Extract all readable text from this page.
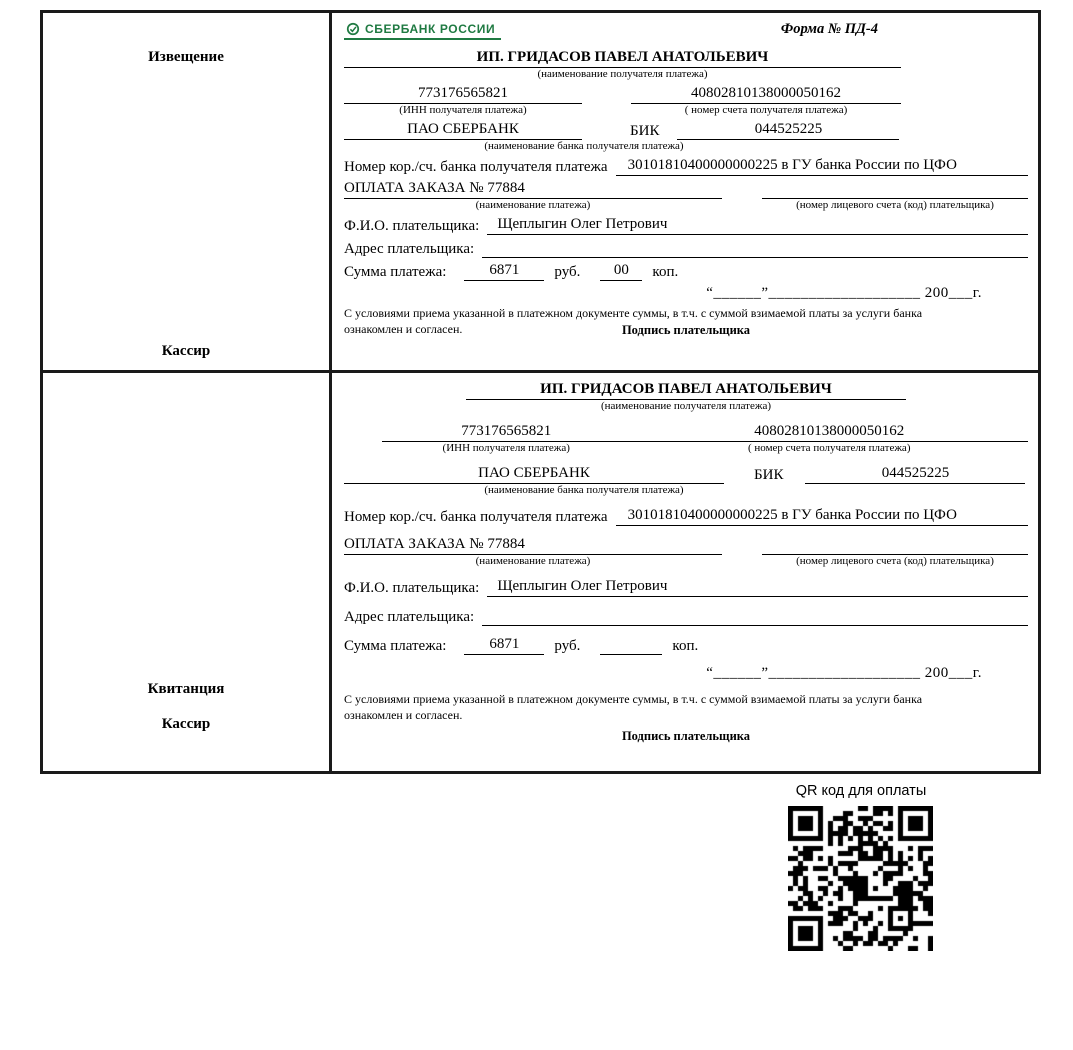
Извещение
Кассир
СБЕРБАНК РОССИИ	Форма № ПД-4
ИП. ГРИДАСОВ ПАВЕЛ АНАТОЛЬЕВИЧ
(наименование получателя платежа)
773176565821
(ИНН получателя платежа)
40802810138000050162
( номер счета получателя платежа)
ПАО СБЕРБАНК	БИК	044525225
(наименование банка получателя платежа)
Номер кор./сч. банка получателя платежа	30101810400000000225 в ГУ банка России по ЦФО
ОПЛАТА ЗАКАЗА № 77884
(наименование платежа)	(номер лицевого счета (код) плательщика)
Ф.И.О. плательщика:	Щеплыгин Олег Петрович
Адрес плательщика:
Сумма платежа:	6871	руб.	00	коп.
“______”___________________ 200___г.
С условиями приема указанной в платежном документе суммы, в т.ч. с суммой взимаемой платы за услуги банка
ознакомлен и согласен.	Подпись плательщика
Квитанция
Кассир
ИП. ГРИДАСОВ ПАВЕЛ АНАТОЛЬЕВИЧ
(наименование получателя платежа)
773176565821
(ИНН получателя платежа)
40802810138000050162
( номер счета получателя платежа)
ПАО СБЕРБАНК	БИК	044525225
(наименование банка получателя платежа)
Номер кор./сч. банка получателя платежа	30101810400000000225 в ГУ банка России по ЦФО
ОПЛАТА ЗАКАЗА № 77884
(наименование платежа)	(номер лицевого счета (код) плательщика)
Ф.И.О. плательщика:	Щеплыгин Олег Петрович
Адрес плательщика:
Сумма платежа:	6871	руб.	коп.
“______”___________________ 200___г.
С условиями приема указанной в платежном документе суммы, в т.ч. с суммой взимаемой платы за услуги банка
ознакомлен и согласен.
Подпись плательщика
QR код для оплаты
